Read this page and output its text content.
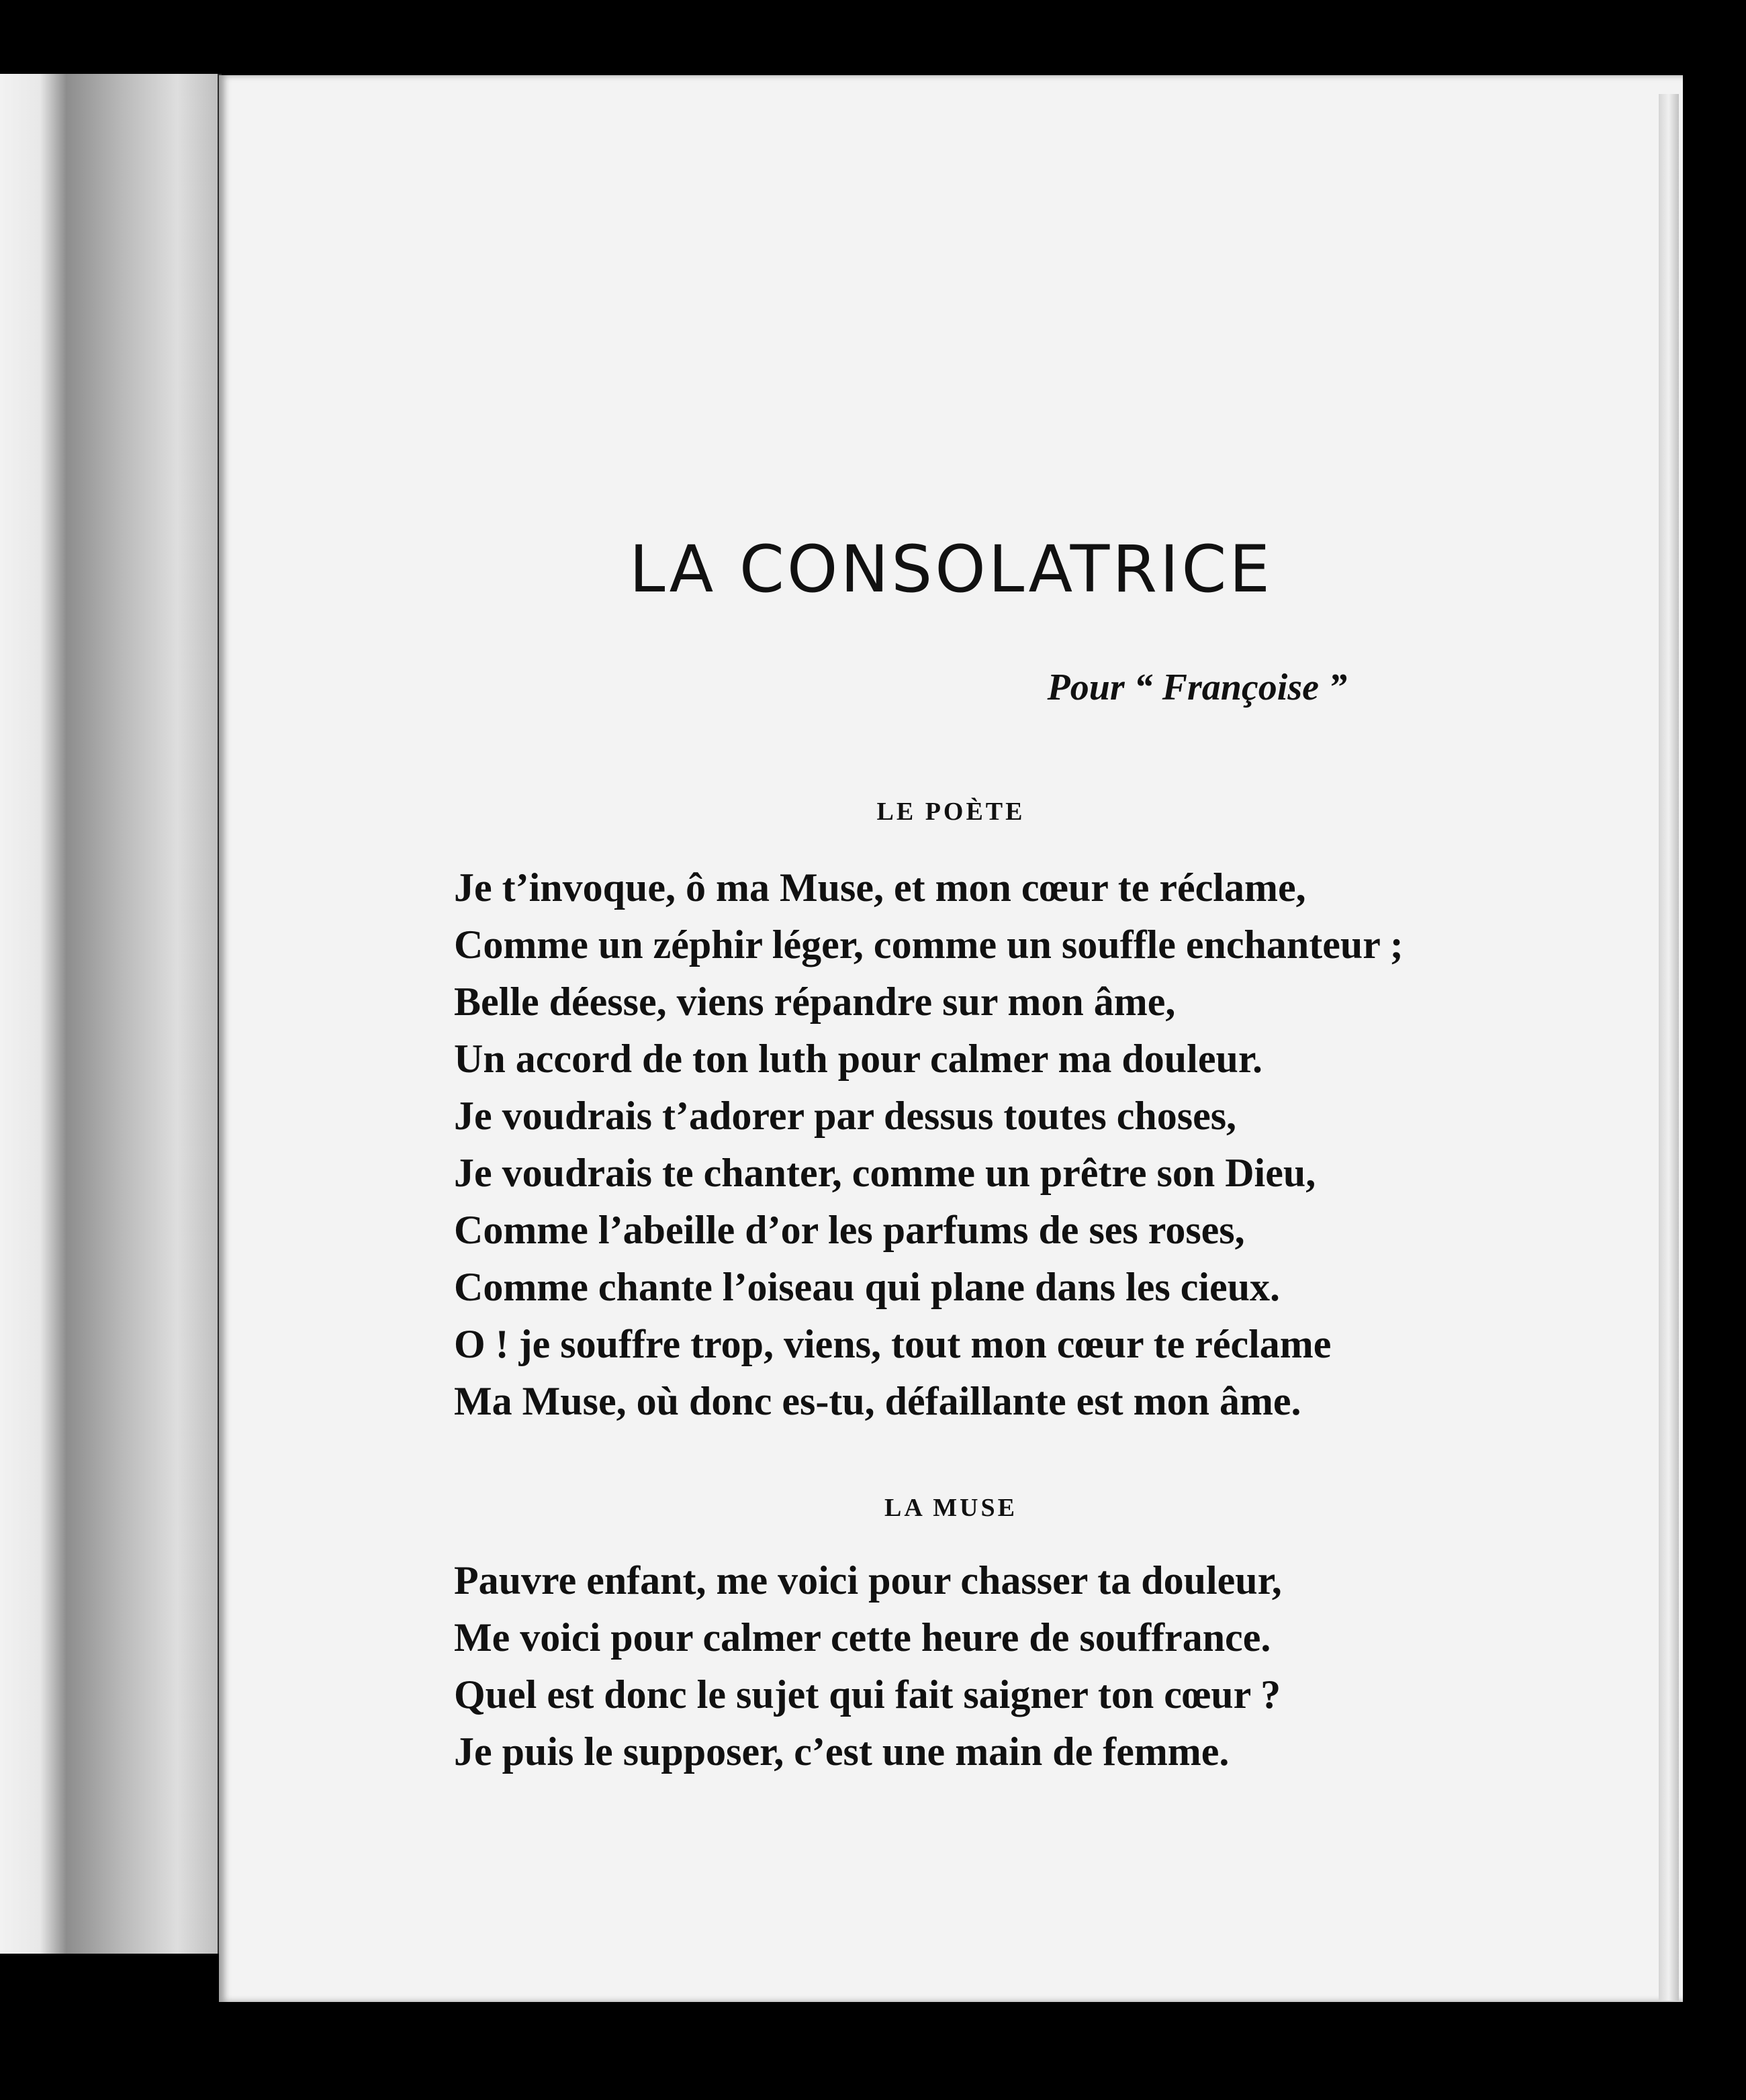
LA CONSOLATRICE

Pour “ Françoise ”

LE POÈTE

Je t’invoque, ô ma Muse, et mon cœur te réclame,
Comme un zéphir léger, comme un souffle enchanteur ;
Belle déesse, viens répandre sur mon âme,
Un accord de ton luth pour calmer ma douleur.
Je voudrais t’adorer par dessus toutes choses,
Je voudrais te chanter, comme un prêtre son Dieu,
Comme l’abeille d’or les parfums de ses roses,
Comme chante l’oiseau qui plane dans les cieux.
O ! je souffre trop, viens, tout mon cœur te réclame
Ma Muse, où donc es-tu, défaillante est mon âme.

LA MUSE

Pauvre enfant, me voici pour chasser ta douleur,
Me voici pour calmer cette heure de souffrance.
Quel est donc le sujet qui fait saigner ton cœur ?
Je puis le supposer, c’est une main de femme.
